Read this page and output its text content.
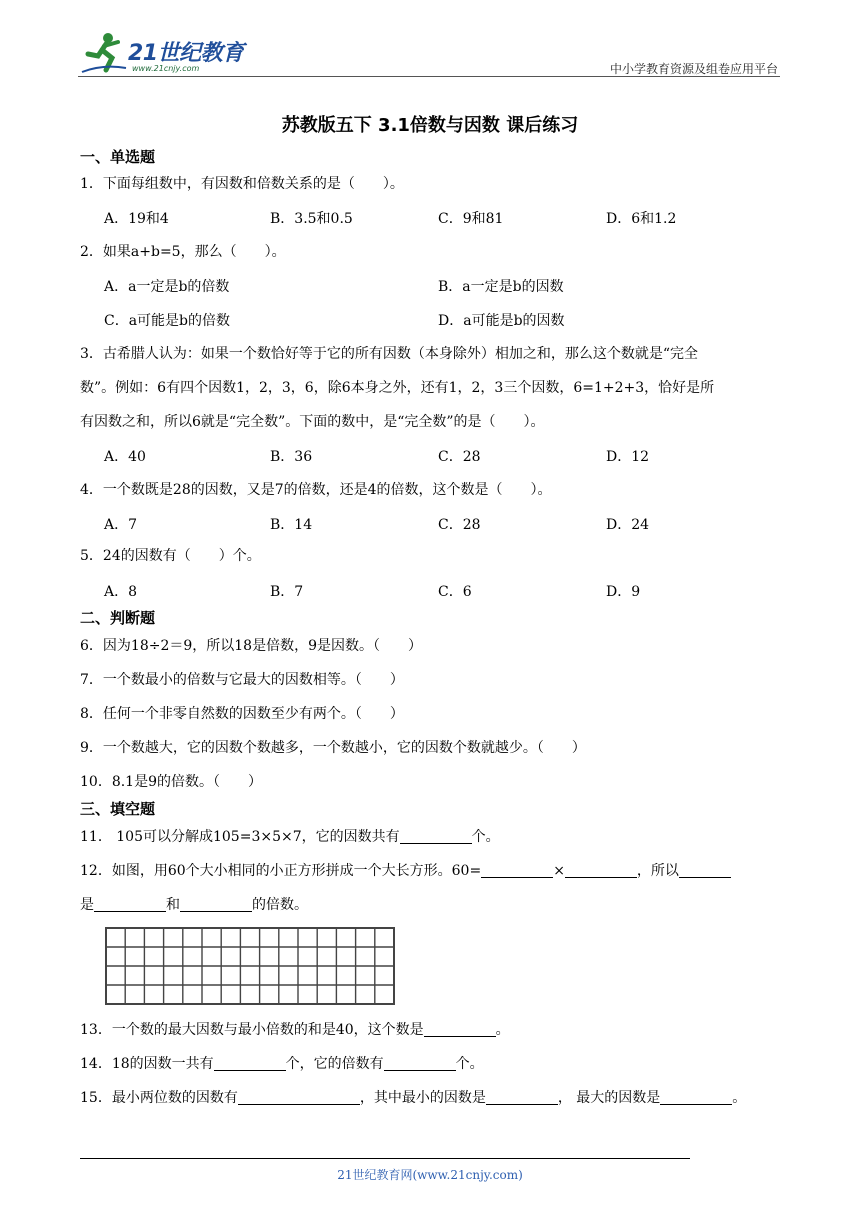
21世纪教育
www.21cnjy.com	中小学教育资源及组卷应用平台
苏教版五下 3.1倍数与因数 课后练习
一、单选题
1．下面每组数中，有因数和倍数关系的是（　　）。
A．19和4	B．3.5和0.5	C．9和81	D．6和1.2
2．如果a+b=5，那么（　　）。
A．a一定是b的倍数	B．a一定是b的因数
C．a可能是b的倍数	D．a可能是b的因数
3．古希腊人认为：如果一个数恰好等于它的所有因数（本身除外）相加之和，那么这个数就是“完全
数”。例如：6有四个因数1，2，3，6，除6本身之外，还有1，2，3三个因数，6=1+2+3，恰好是所
有因数之和，所以6就是“完全数”。下面的数中，是“完全数”的是（　　）。
A．40	B．36	C．28	D．12
4．一个数既是28的因数，又是7的倍数，还是4的倍数，这个数是（　　）。
A．7	B．14	C．28	D．24
5．24的因数有（　　）个。
A．8	B．7	C．6	D．9
二、判断题
6．因为18÷2＝9，所以18是倍数，9是因数。（　　）
7．一个数最小的倍数与它最大的因数相等。（　　）
8．任何一个非零自然数的因数至少有两个。（　　）
9．一个数越大，它的因数个数越多，一个数越小，它的因数个数就越少。（　　）
10．8.1是9的倍数。（　　）
三、填空题
11． 105可以分解成105=3×5×7，它的因数共有	个。
12．如图，用60个大小相同的小正方形拼成一个大长方形。60=	×	，所以
是	和	的倍数。
13．一个数的最大因数与最小倍数的和是40，这个数是	。
14．18的因数一共有	个，它的倍数有	个。
15．最小两位数的因数有	，其中最小的因数是	， 最大的因数是	。
21世纪教育网(www.21cnjy.com)
